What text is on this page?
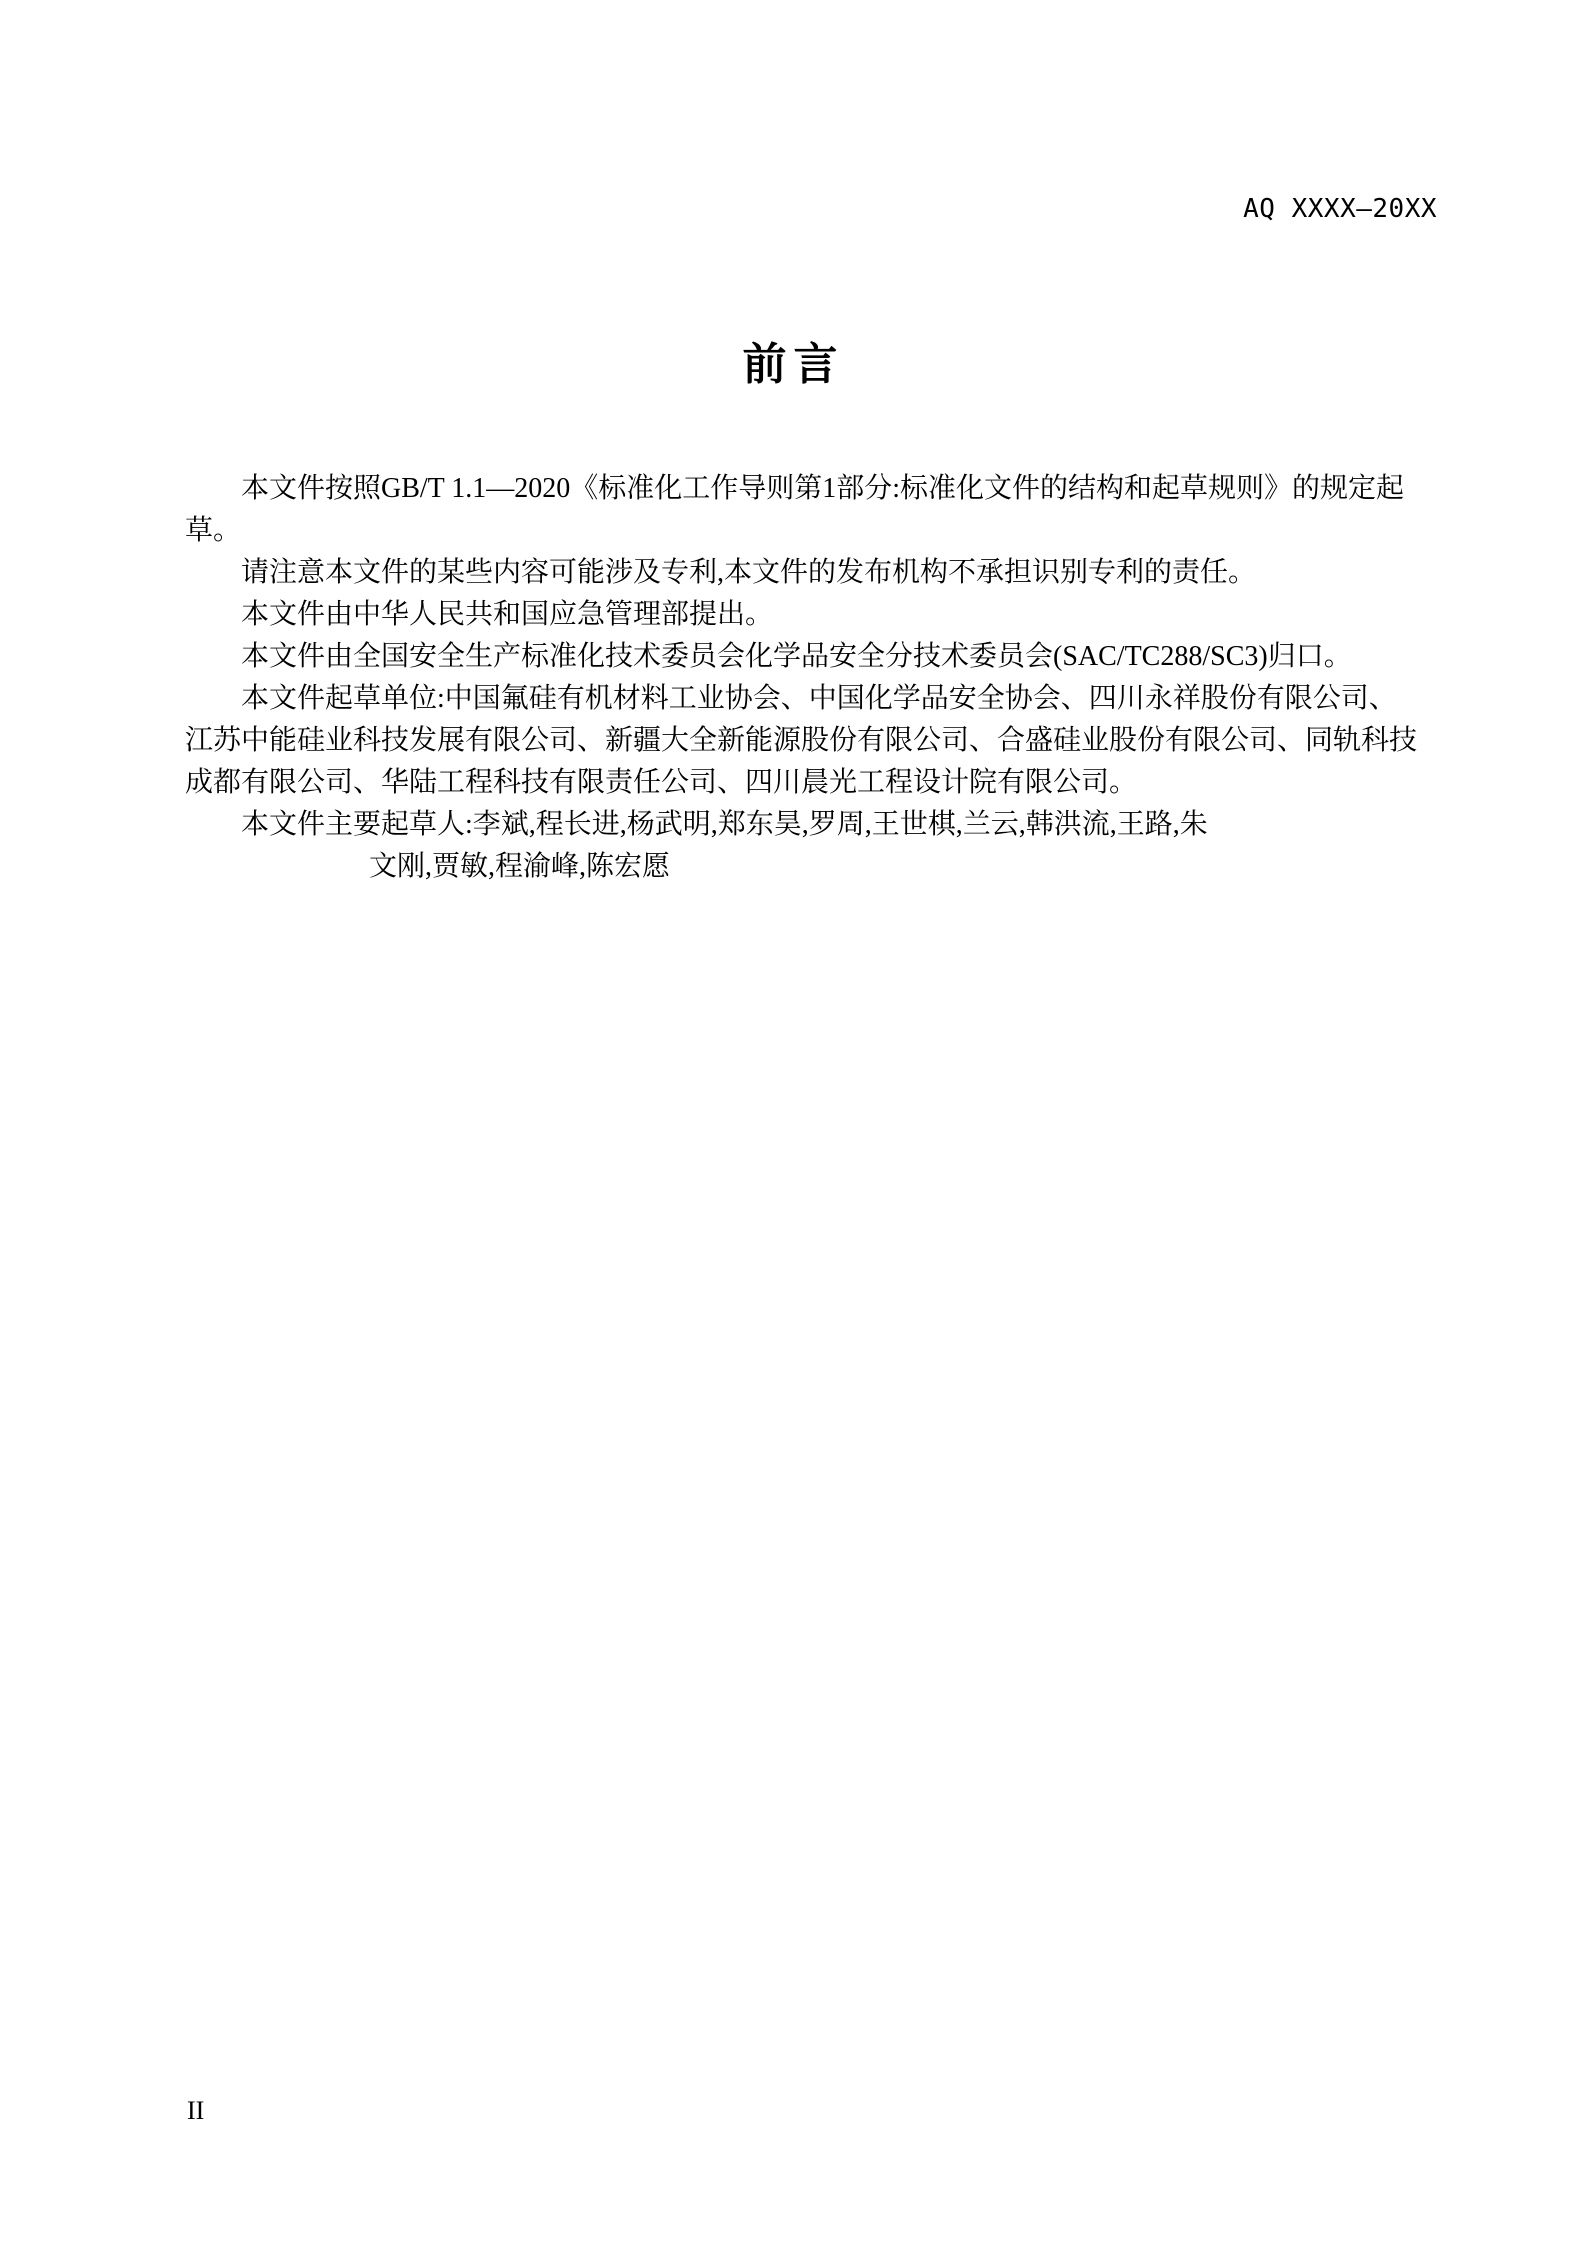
AQ XXXX—20XX
前言

本文件按照GB/T 1.1—2020《标准化工作导则第1部分:标准化文件的结构和起草规则》的规定起

草。

请注意本文件的某些内容可能涉及专利,本文件的发布机构不承担识别专利的责任。

本文件由中华人民共和国应急管理部提出。

本文件由全国安全生产标准化技术委员会化学品安全分技术委员会(SAC/TC288/SC3)归口。

本文件起草单位:中国氟硅有机材料工业协会、中国化学品安全协会、四川永祥股份有限公司、

江苏中能硅业科技发展有限公司、新疆大全新能源股份有限公司、合盛硅业股份有限公司、同轨科技

成都有限公司、华陆工程科技有限责任公司、四川晨光工程设计院有限公司。

本文件主要起草人:李斌,程长进,杨武明,郑东昊,罗周,王世棋,兰云,韩洪流,王路,朱

文刚,贾敏,程渝峰,陈宏愿

II
